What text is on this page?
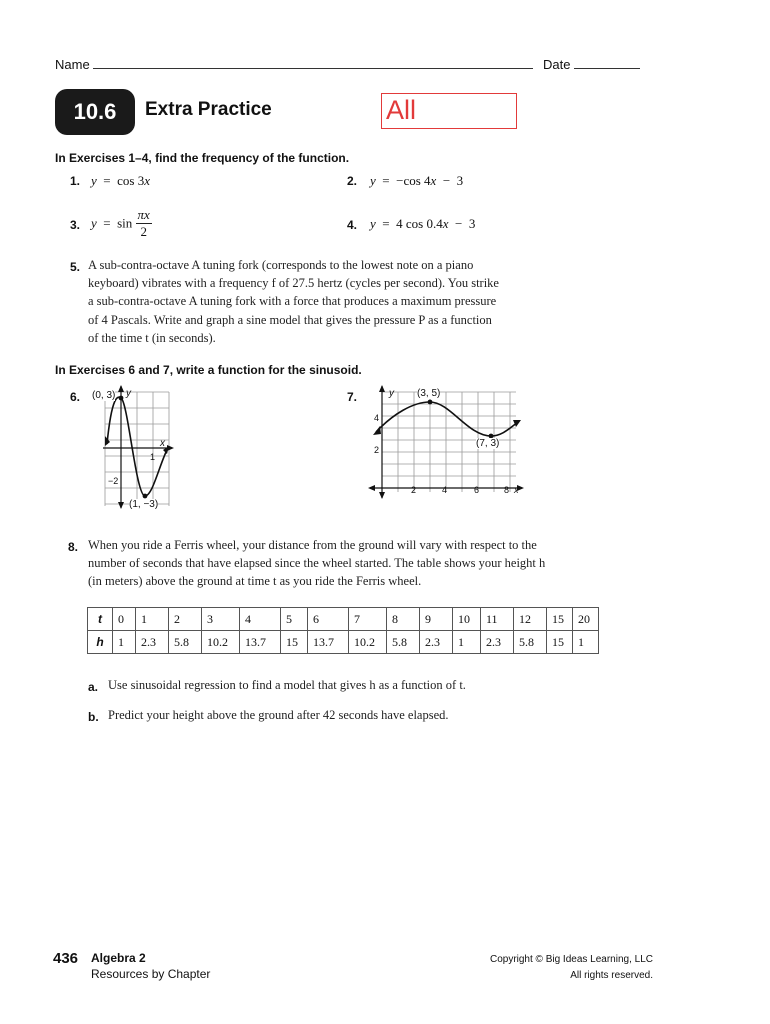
Name	Date
10.6	Extra Practice	All
In Exercises 1–4, find the frequency of the function.
1. y  =  cos 3x	2. y  =  −cos 4x  −  3
3. $y = \sin \frac{\pi x}{2}$	4. y  =  4 cos 0.4x  −  3
5. A sub-contra-octave A tuning fork (corresponds to the lowest note on a piano
keyboard) vibrates with a frequency f of 27.5 hertz (cycles per second). You strike
a sub-contra-octave A tuning fork with a force that produces a maximum pressure
of 4 Pascals. Write and graph a sine model that gives the pressure P as a function
of the time t (in seconds).
In Exercises 6 and 7, write a function for the sinusoid.
6. (0, 3) y
x
1
−2
(1, −3)
7.	y (3, 5)
(7, 3)
4
2
2	4	6	8 x
8. When you ride a Ferris wheel, your distance from the ground will vary with respect to the
number of seconds that have elapsed since the wheel started. The table shows your height h
(in meters) above the ground at time t as you ride the Ferris wheel.
t	0	1	2	3	4	5	6	7	8	9	10	11	12	15	20
h	1	2.3	5.8	10.2	13.7	15	13.7	10.2	5.8	2.3	1	2.3	5.8	15	1
a. Use sinusoidal regression to find a model that gives h as a function of t.
b. Predict your height above the ground after 42 seconds have elapsed.
436 Algebra 2
Resources by Chapter
Copyright © Big Ideas Learning, LLC
All rights reserved.
